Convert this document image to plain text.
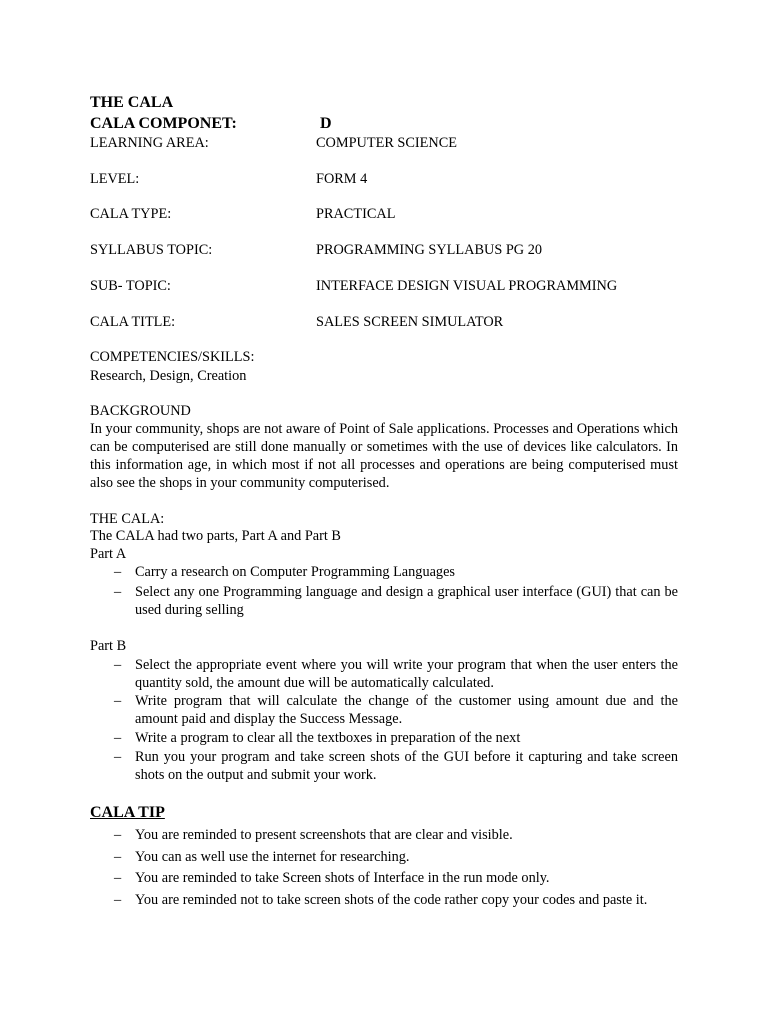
THE CALA
CALA COMPONET:	D
LEARNING AREA:	COMPUTER SCIENCE
LEVEL:	FORM 4
CALA TYPE:	PRACTICAL
SYLLABUS TOPIC:	PROGRAMMING SYLLABUS PG 20
SUB- TOPIC:	INTERFACE DESIGN VISUAL PROGRAMMING
CALA TITLE:	SALES SCREEN SIMULATOR
COMPETENCIES/SKILLS:
Research, Design, Creation
BACKGROUND
In your community, shops are not aware of Point of Sale applications. Processes and Operations which can be computerised are still done manually or sometimes with the use of devices like calculators. In this information age, in which most if not all processes and operations are being computerised must also see the shops in your community computerised.
THE CALA:
The CALA had two parts, Part A and Part B
Part A
– Carry a research on Computer Programming Languages
– Select any one Programming language and design a graphical user interface (GUI) that can be used during selling
Part B
– Select the appropriate event where you will write your program that when the user enters the quantity sold, the amount due will be automatically calculated.
– Write program that will calculate the change of the customer using amount due and the amount paid and display the Success Message.
– Write a program to clear all the textboxes in preparation of the next
– Run you your program and take screen shots of the GUI before it capturing and take screen shots on the output and submit your work.
CALA TIP
– You are reminded to present screenshots that are clear and visible.
– You can as well use the internet for researching.
– You are reminded to take Screen shots of Interface in the run mode only.
– You are reminded not to take screen shots of the code rather copy your codes and paste it.
